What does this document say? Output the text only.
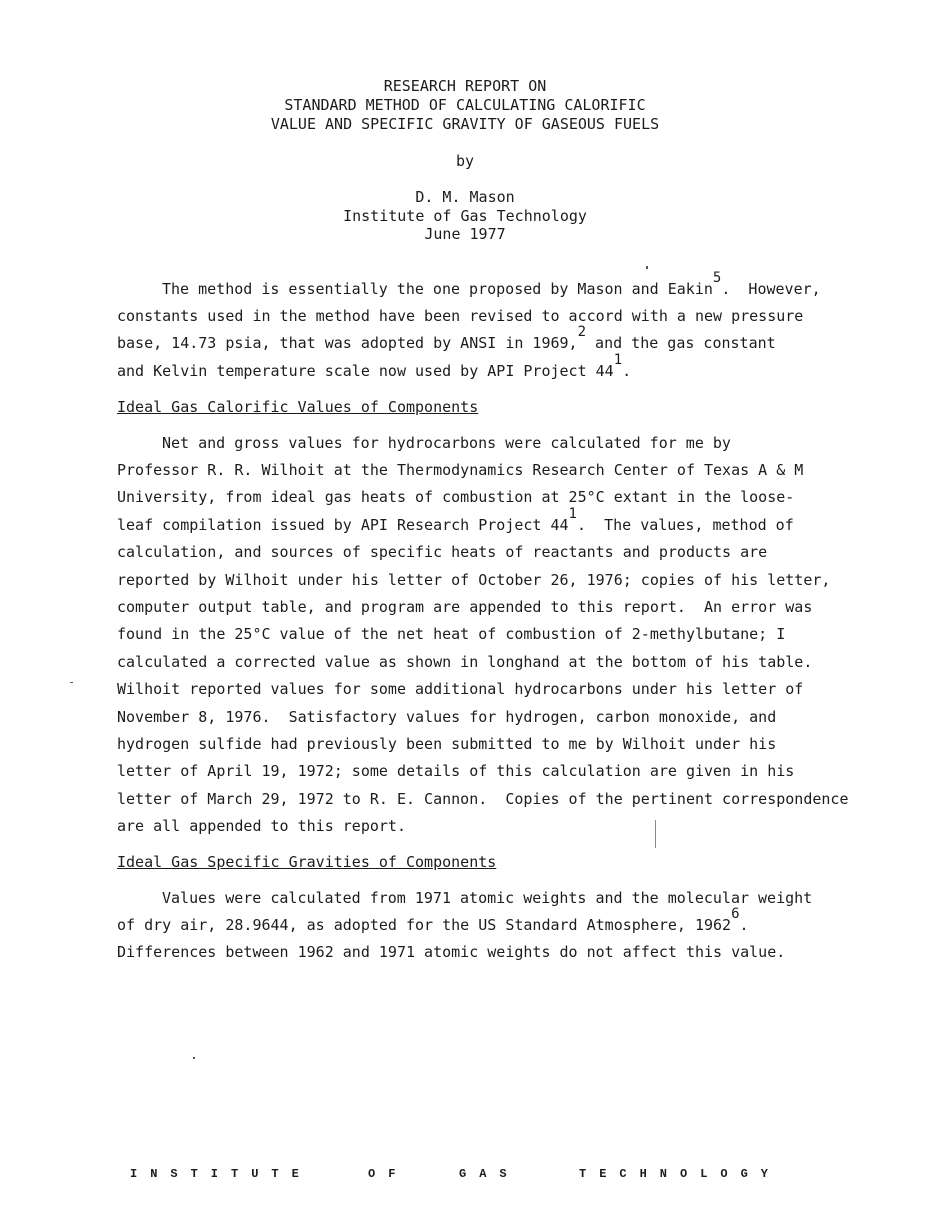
RESEARCH REPORT ON
STANDARD METHOD OF CALCULATING CALORIFIC
VALUE AND SPECIFIC GRAVITY OF GASEOUS FUELS
by
D. M. Mason
Institute of Gas Technology
June 1977
The method is essentially the one proposed by Mason and Eakin5.  However,
constants used in the method have been revised to accord with a new pressure
base, 14.73 psia, that was adopted by ANSI in 1969,2 and the gas constant
and Kelvin temperature scale now used by API Project 441.
Ideal Gas Calorific Values of Components
Net and gross values for hydrocarbons were calculated for me by
Professor R. R. Wilhoit at the Thermodynamics Research Center of Texas A & M
University, from ideal gas heats of combustion at 25°C extant in the loose-
leaf compilation issued by API Research Project 441.  The values, method of
calculation, and sources of specific heats of reactants and products are
reported by Wilhoit under his letter of October 26, 1976; copies of his letter,
computer output table, and program are appended to this report.  An error was
found in the 25°C value of the net heat of combustion of 2-methylbutane; I
calculated a corrected value as shown in longhand at the bottom of his table.
Wilhoit reported values for some additional hydrocarbons under his letter of
November 8, 1976.  Satisfactory values for hydrogen, carbon monoxide, and
hydrogen sulfide had previously been submitted to me by Wilhoit under his
letter of April 19, 1972; some details of this calculation are given in his
letter of March 29, 1972 to R. E. Cannon.  Copies of the pertinent correspondence
are all appended to this report.
Ideal Gas Specific Gravities of Components
Values were calculated from 1971 atomic weights and the molecular weight
of dry air, 28.9644, as adopted for the US Standard Atmosphere, 19626.
Differences between 1962 and 1971 atomic weights do not affect this value.
INSTITUTE	OF	GAS	TECHNOLOGY
